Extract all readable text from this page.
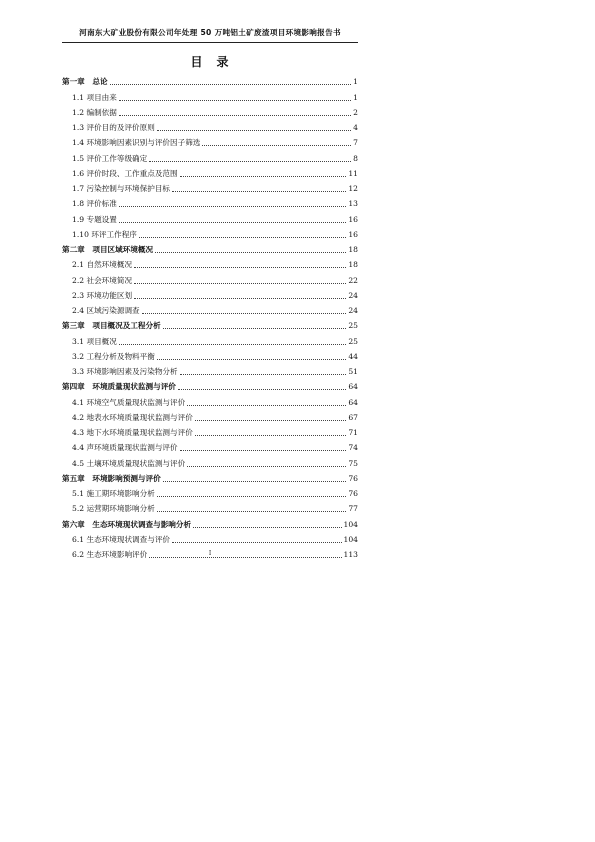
河南东大矿业股份有限公司年处理 50 万吨铝土矿废渣项目环境影响报告书
目　录
第一章　总论	1
1.1 项目由来	1
1.2 编制依据	2
1.3 评价目的及评价原则	4
1.4 环境影响因素识别与评价因子筛选	7
1.5 评价工作等级确定	8
1.6 评价时段、工作重点及范围	11
1.7 污染控制与环境保护目标	12
1.8 评价标准	13
1.9 专题设置	16
1.10 环评工作程序	16
第二章　项目区域环境概况	18
2.1 自然环境概况	18
2.2 社会环境简况	22
2.3 环境功能区划	24
2.4 区域污染源调查	24
第三章　项目概况及工程分析	25
3.1 项目概况	25
3.2 工程分析及物料平衡	44
3.3 环境影响因素及污染物分析	51
第四章　环境质量现状监测与评价	64
4.1 环境空气质量现状监测与评价	64
4.2 地表水环境质量现状监测与评价	67
4.3 地下水环境质量现状监测与评价	71
4.4 声环境质量现状监测与评价	74
4.5 土壤环境质量现状监测与评价	75
第五章　环境影响预测与评价	76
5.1 施工期环境影响分析	76
5.2 运营期环境影响分析	77
第六章　生态环境现状调查与影响分析	104
6.1 生态环境现状调查与评价	104
6.2 生态环境影响评价	113
I
